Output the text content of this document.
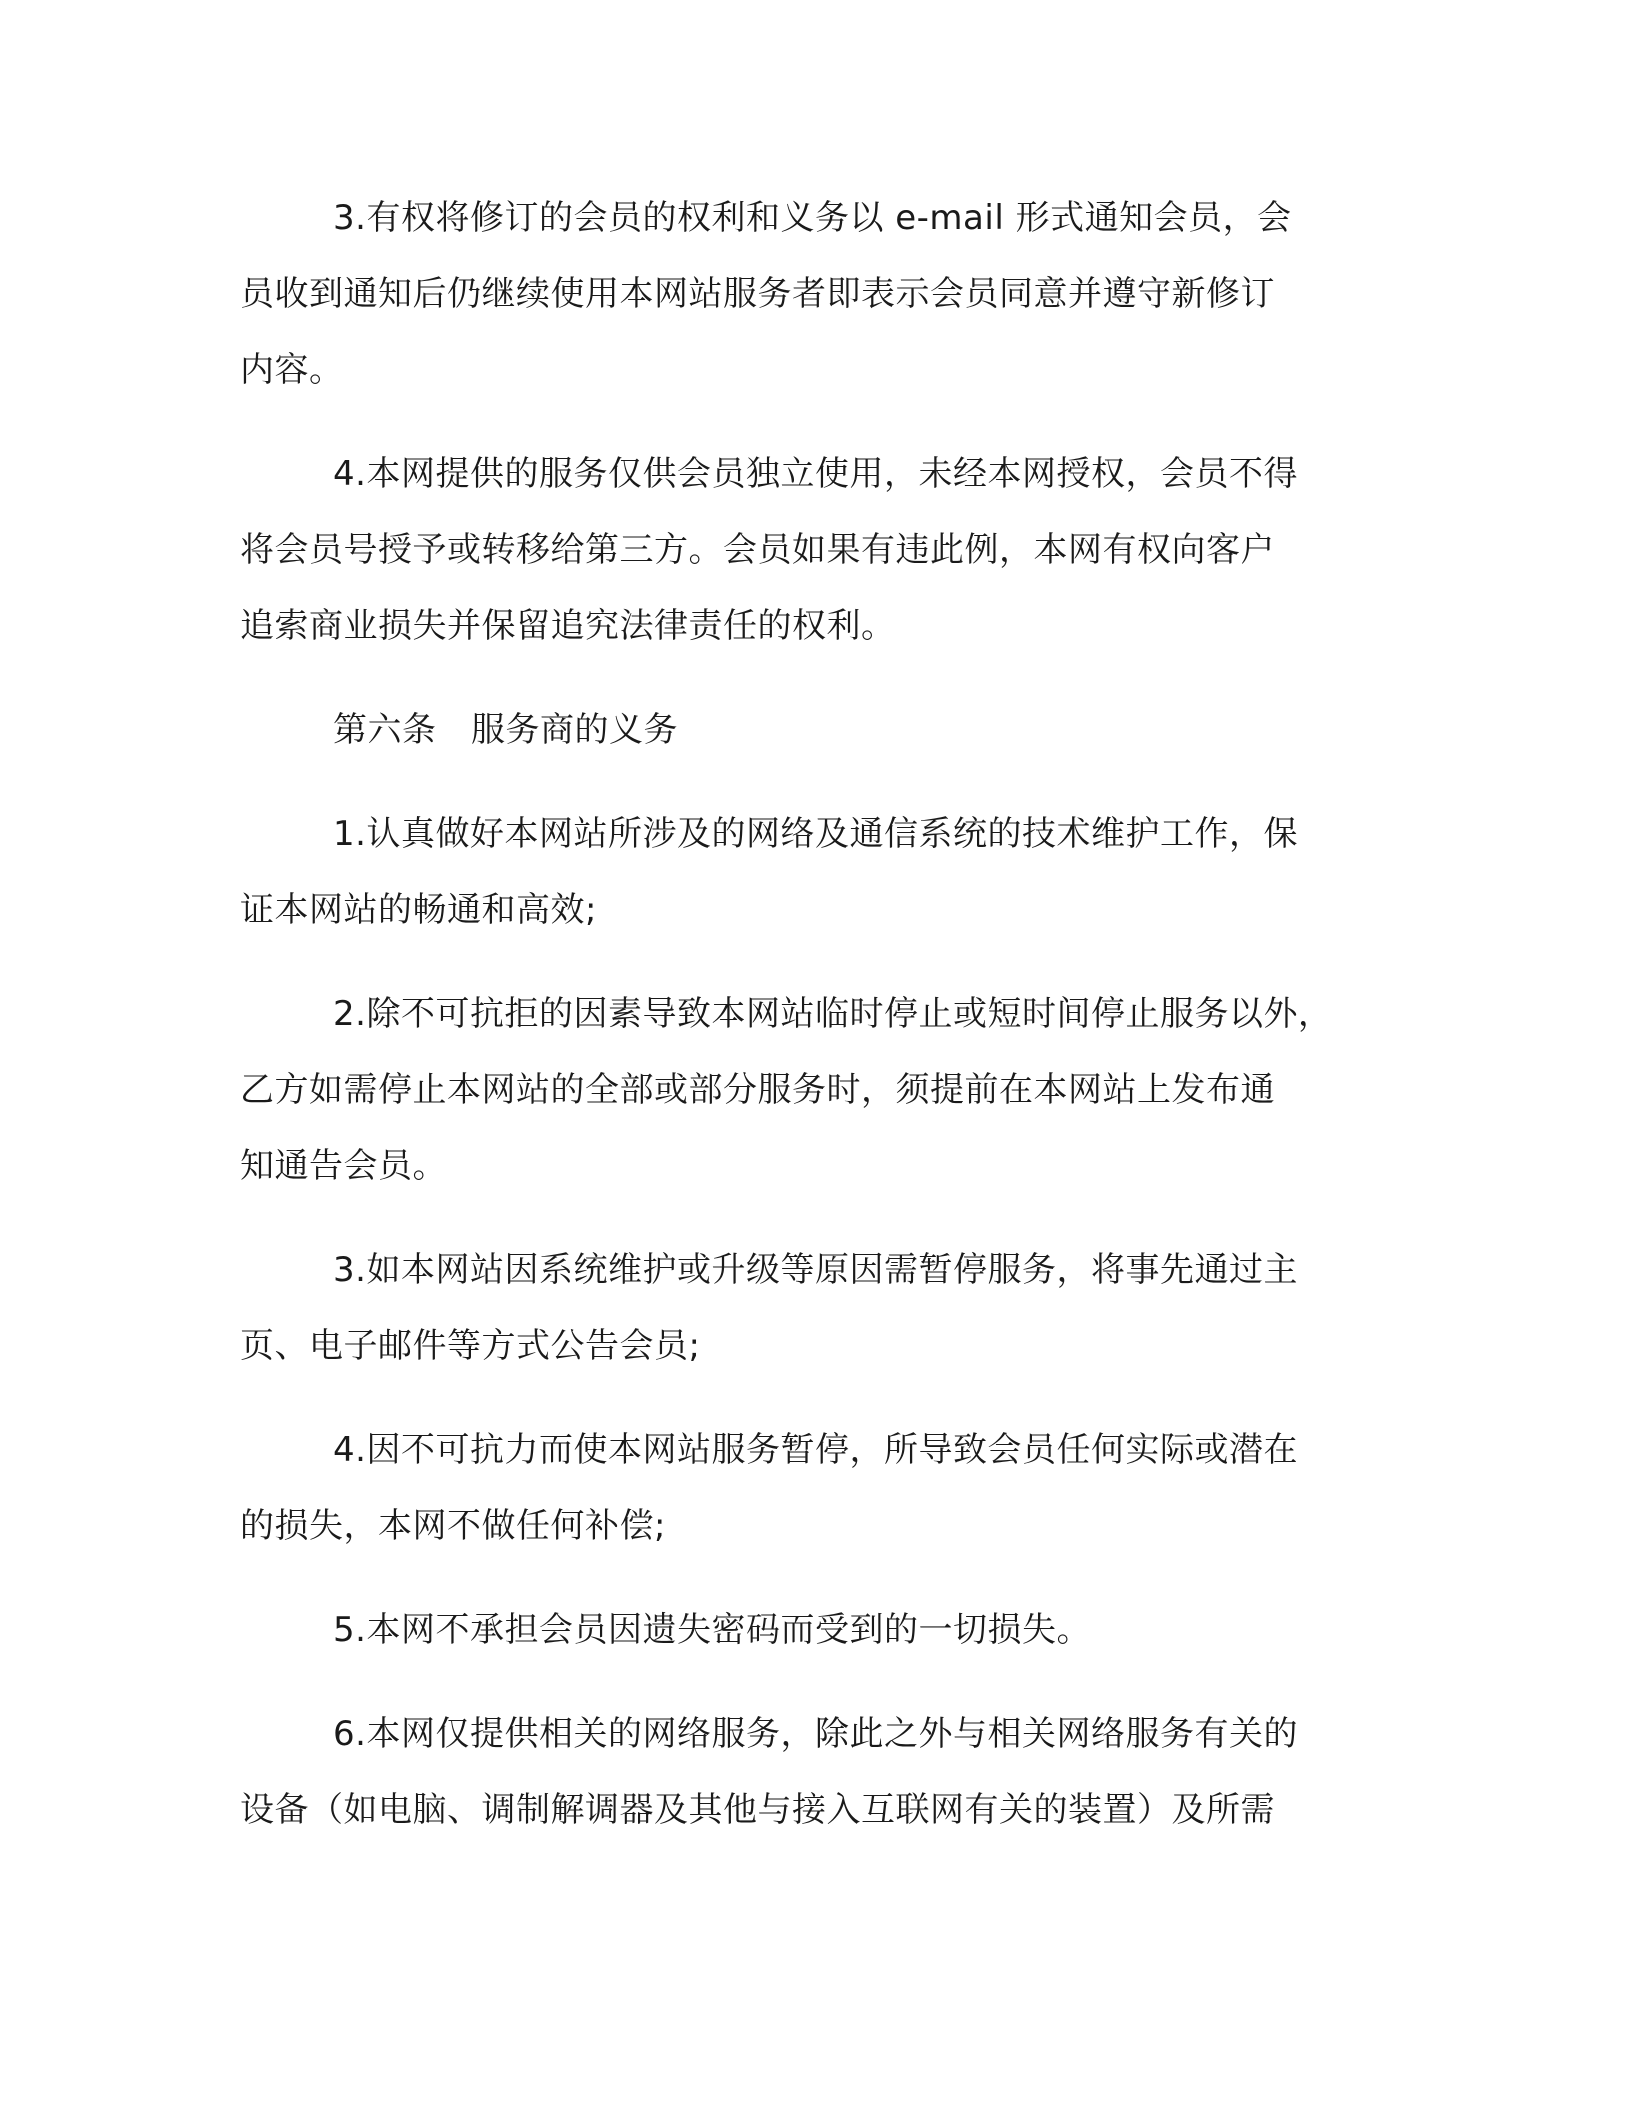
3.有权将修订的会员的权利和义务以 e-mail 形式通知会员，会
员收到通知后仍继续使用本网站服务者即表示会员同意并遵守新修订
内容。
4.本网提供的服务仅供会员独立使用，未经本网授权，会员不得
将会员号授予或转移给第三方。会员如果有违此例，本网有权向客户
追索商业损失并保留追究法律责任的权利。
第六条　服务商的义务
1.认真做好本网站所涉及的网络及通信系统的技术维护工作，保
证本网站的畅通和高效;
2.除不可抗拒的因素导致本网站临时停止或短时间停止服务以外，
乙方如需停止本网站的全部或部分服务时，须提前在本网站上发布通
知通告会员。
3.如本网站因系统维护或升级等原因需暂停服务，将事先通过主
页、电子邮件等方式公告会员;
4.因不可抗力而使本网站服务暂停，所导致会员任何实际或潜在
的损失，本网不做任何补偿;
5.本网不承担会员因遗失密码而受到的一切损失。
6.本网仅提供相关的网络服务，除此之外与相关网络服务有关的
设备（如电脑、调制解调器及其他与接入互联网有关的装置）及所需
